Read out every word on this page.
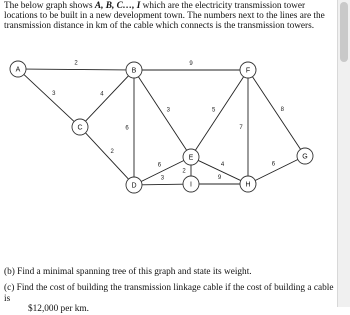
The below graph shows A, B, C…, I which are the electricity transmission tower locations to be built in a new development town. The numbers next to the lines are the transmission distance in km of the cable which connects is the transmission towers.

2
3	4
2
6
3
9
6
3
2
5
4
8
7
6
9
A	B
C
D
E
F
G
H
I

(b) Find a minimal spanning tree of this graph and state its weight.

(c) Find the cost of building the transmission linkage cable if the cost of building a cable is
$12,000 per km.
